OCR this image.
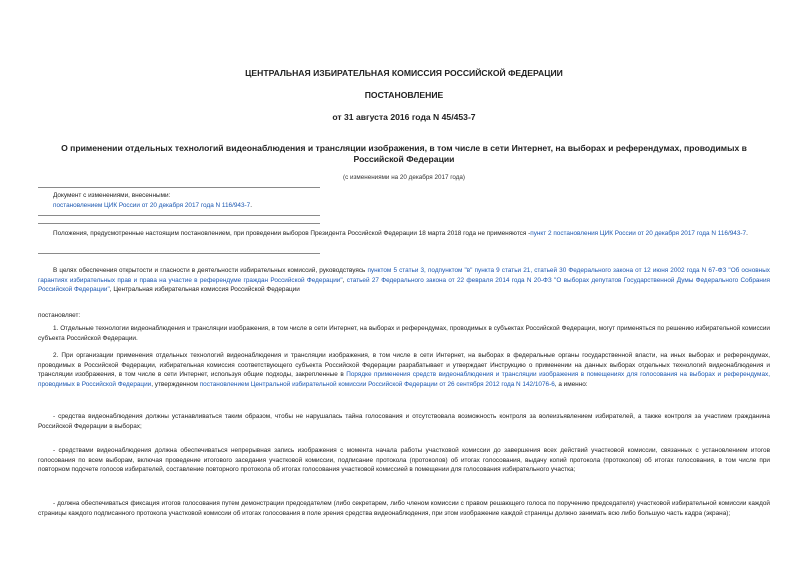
ЦЕНТРАЛЬНАЯ ИЗБИРАТЕЛЬНАЯ КОМИССИЯ РОССИЙСКОЙ ФЕДЕРАЦИИ
ПОСТАНОВЛЕНИЕ
от 31 августа 2016 года N 45/453-7
О применении отдельных технологий видеонаблюдения и трансляции изображения, в том числе в сети Интернет, на выборах и референдумах, проводимых в Российской Федерации
(с изменениями на 20 декабря 2017 года)
Документ с изменениями, внесенными:
постановлением ЦИК России от 20 декабря 2017 года N 116/943-7.
Положения, предусмотренные настоящим постановлением, при проведении выборов Президента Российской Федерации 18 марта 2018 года не применяются -пункт 2 постановления ЦИК России от 20 декабря 2017 года N 116/943-7.
В целях обеспечения открытости и гласности в деятельности избирательных комиссий, руководствуясь пунктом 5 статьи 3, подпунктом "в" пункта 9 статьи 21, статьей 30 Федерального закона от 12 июня 2002 года N 67-ФЗ "Об основных гарантиях избирательных прав и права на участие в референдуме граждан Российской Федерации", статьей 27 Федерального закона от 22 февраля 2014 года N 20-ФЗ "О выборах депутатов Государственной Думы Федерального Собрания Российской Федерации", Центральная избирательная комиссия Российской Федерации
постановляет:
1. Отдельные технологии видеонаблюдения и трансляции изображения, в том числе в сети Интернет, на выборах и референдумах, проводимых в субъектах Российской Федерации, могут применяться по решению избирательной комиссии субъекта Российской Федерации.
2. При организации применения отдельных технологий видеонаблюдения и трансляции изображения, в том числе в сети Интернет, на выборах в федеральные органы государственной власти, на иных выборах и референдумах, проводимых в Российской Федерации, избирательная комиссия соответствующего субъекта Российской Федерации разрабатывает и утверждает Инструкцию о применении на данных выборах отдельных технологий видеонаблюдения и трансляции изображения, в том числе в сети Интернет, используя общие подходы, закрепленные в Порядке применения средств видеонаблюдения и трансляции изображения в помещениях для голосования на выборах и референдумах, проводимых в Российской Федерации, утвержденном постановлением Центральной избирательной комиссии Российской Федерации от 26 сентября 2012 года N 142/1076-6, а именно:
- средства видеонаблюдения должны устанавливаться таким образом, чтобы не нарушалась тайна голосования и отсутствовала возможность контроля за волеизъявлением избирателей, а также контроля за участием гражданина Российской Федерации в выборах;
- средствами видеонаблюдения должна обеспечиваться непрерывная запись изображения с момента начала работы участковой комиссии до завершения всех действий участковой комиссии, связанных с установлением итогов голосования по всем выборам, включая проведение итогового заседания участковой комиссии, подписание протокола (протоколов) об итогах голосования, выдачу копий протокола (протоколов) об итогах голосования, в том числе при повторном подсчете голосов избирателей, составление повторного протокола об итогах голосования участковой комиссией в помещении для голосования избирательного участка;
- должна обеспечиваться фиксация итогов голосования путем демонстрации председателем (либо секретарем, либо членом комиссии с правом решающего голоса по поручению председателя) участковой избирательной комиссии каждой страницы каждого подписанного протокола участковой комиссии об итогах голосования в поле зрения средства видеонаблюдения, при этом изображение каждой страницы должно занимать всю либо большую часть кадра (экрана);
